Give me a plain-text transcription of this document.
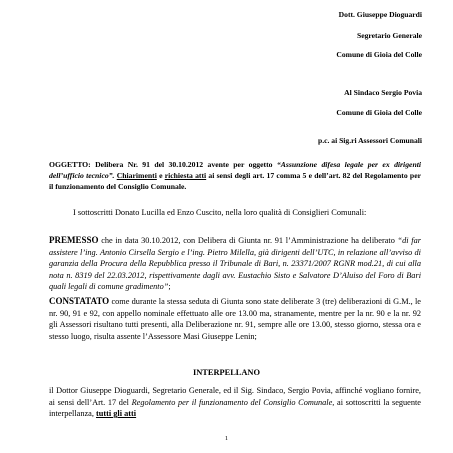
Dott. Giuseppe Dioguardi
Segretario Generale
Comune di Gioia del Colle
Al Sindaco Sergio Povia
Comune di Gioia del Colle
p.c. ai Sig.ri Assessori Comunali
OGGETTO: Delibera Nr. 91 del 30.10.2012 avente per oggetto “Assunzione difesa legale per ex dirigenti dell’ufficio tecnico”. Chiarimenti e richiesta atti ai sensi degli art. 17 comma 5 e dell’art. 82 del Regolamento per il funzionamento del Consiglio Comunale.
I sottoscritti Donato Lucilla ed Enzo Cuscito, nella loro qualità di Consiglieri Comunali:
PREMESSO che in data 30.10.2012, con Delibera di Giunta nr. 91 l’Amministrazione ha deliberato “di far assistere l’ing. Antonio Cirsella Sergio e l’ing. Pietro Milella, già dirigenti dell’UTC, in relazione all’avviso di garanzia della Procura della Repubblica presso il Tribunale di Bari, n. 23371/2007 RGNR mod.21, di cui alla nota n. 8319 del 22.03.2012, rispettivamente dagli avv. Eustachio Sisto e Salvatore D’Aluiso del Foro di Bari quali legali di comune gradimento”;
CONSTATATO come durante la stessa seduta di Giunta sono state deliberate 3 (tre) deliberazioni di G.M., le nr. 90, 91 e 92, con appello nominale effettuato alle ore 13.00 ma, stranamente, mentre per la nr. 90 e la nr. 92 gli Assessori risultano tutti presenti, alla Deliberazione nr. 91, sempre alle ore 13.00, stesso giorno, stessa ora e stesso luogo, risulta assente l’Assessore Masi Giuseppe Lenin;
INTERPELLANO
il Dottor Giuseppe Dioguardi, Segretario Generale, ed il Sig. Sindaco, Sergio Povia, affinché vogliano fornire, ai sensi dell’Art. 17 del Regolamento per il funzionamento del Consiglio Comunale, ai sottoscritti la seguente interpellanza, tutti gli atti
1
